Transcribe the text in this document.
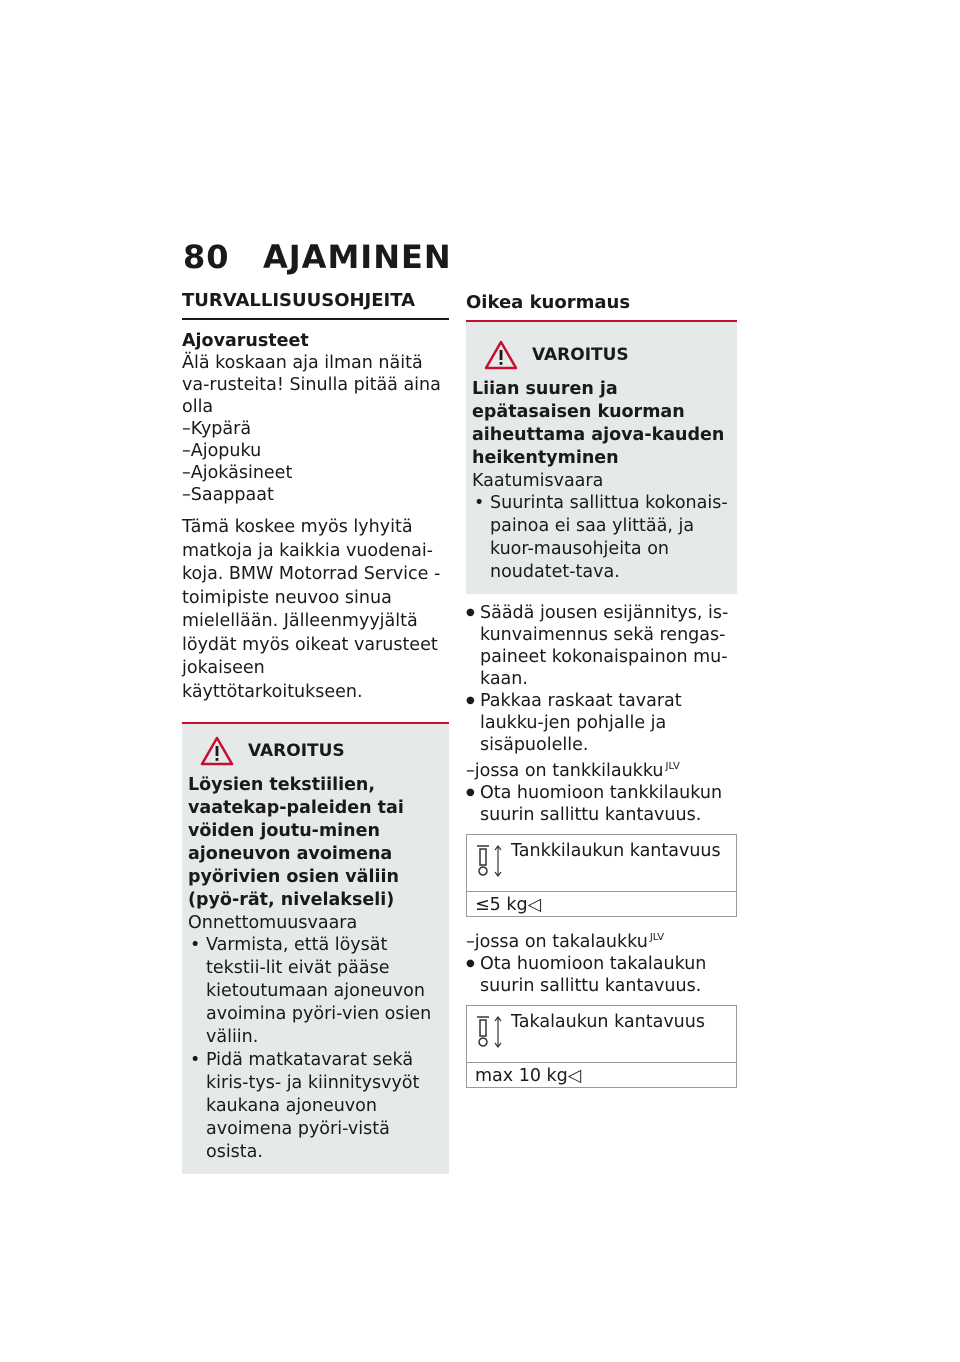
80 AJAMINEN
TURVALLISUUSOHJEITA
Ajovarusteet

Älä koskaan aja ilman näitä va-rusteita! Sinulla pitää aina olla

–Kypärä
–Ajopuku
–Ajokäsineet
–Saappaat

Tämä koskee myös lyhyitä matkoja ja kaikkia vuodenai-koja. BMW Motorrad Service -toimipiste neuvoo sinua mielellään. Jälleenmyyjältä löydät myös oikeat varusteet jokaiseen käyttötarkoitukseen.

VAROITUS
Löysien tekstiilien, vaatekap-paleiden tai vöiden joutu-minen ajoneuvon avoimena pyörivien osien väliin (pyö-rät, nivelakseli)
Onnettomuusvaara
• Varmista, että löysät tekstii-lit eivät pääse kietoutumaan ajoneuvon avoimina pyöri-vien osien väliin.
• Pidä matkatavarat sekä kiris-tys- ja kiinnitysvyöt kaukana ajoneuvon avoimena pyöri-vistä osista.
Oikea kuormaus
VAROITUS
Liian suuren ja epätasaisen kuorman aiheuttama ajova-kauden heikentyminen
Kaatumisvaara
• Suurinta sallittua kokonais-painoa ei saa ylittää, ja kuor-mausohjeita on noudatet-tava.
● Säädä jousen esijännitys, is-kunvaimennus sekä rengas-paineet kokonaispainon mu-kaan.
● Pakkaa raskaat tavarat laukku-jen pohjalle ja sisäpuolelle.
–jossa on tankkilaukku $^{JLV}$
● Ota huomioon tankkilaukun suurin sallittu kantavuus.
Tankkilaukun kantavuus
≤5 kg◁
–jossa on takalaukku $^{JLV}$
● Ota huomioon takalaukun suurin sallittu kantavuus.
Takalaukun kantavuus
max 10 kg◁
